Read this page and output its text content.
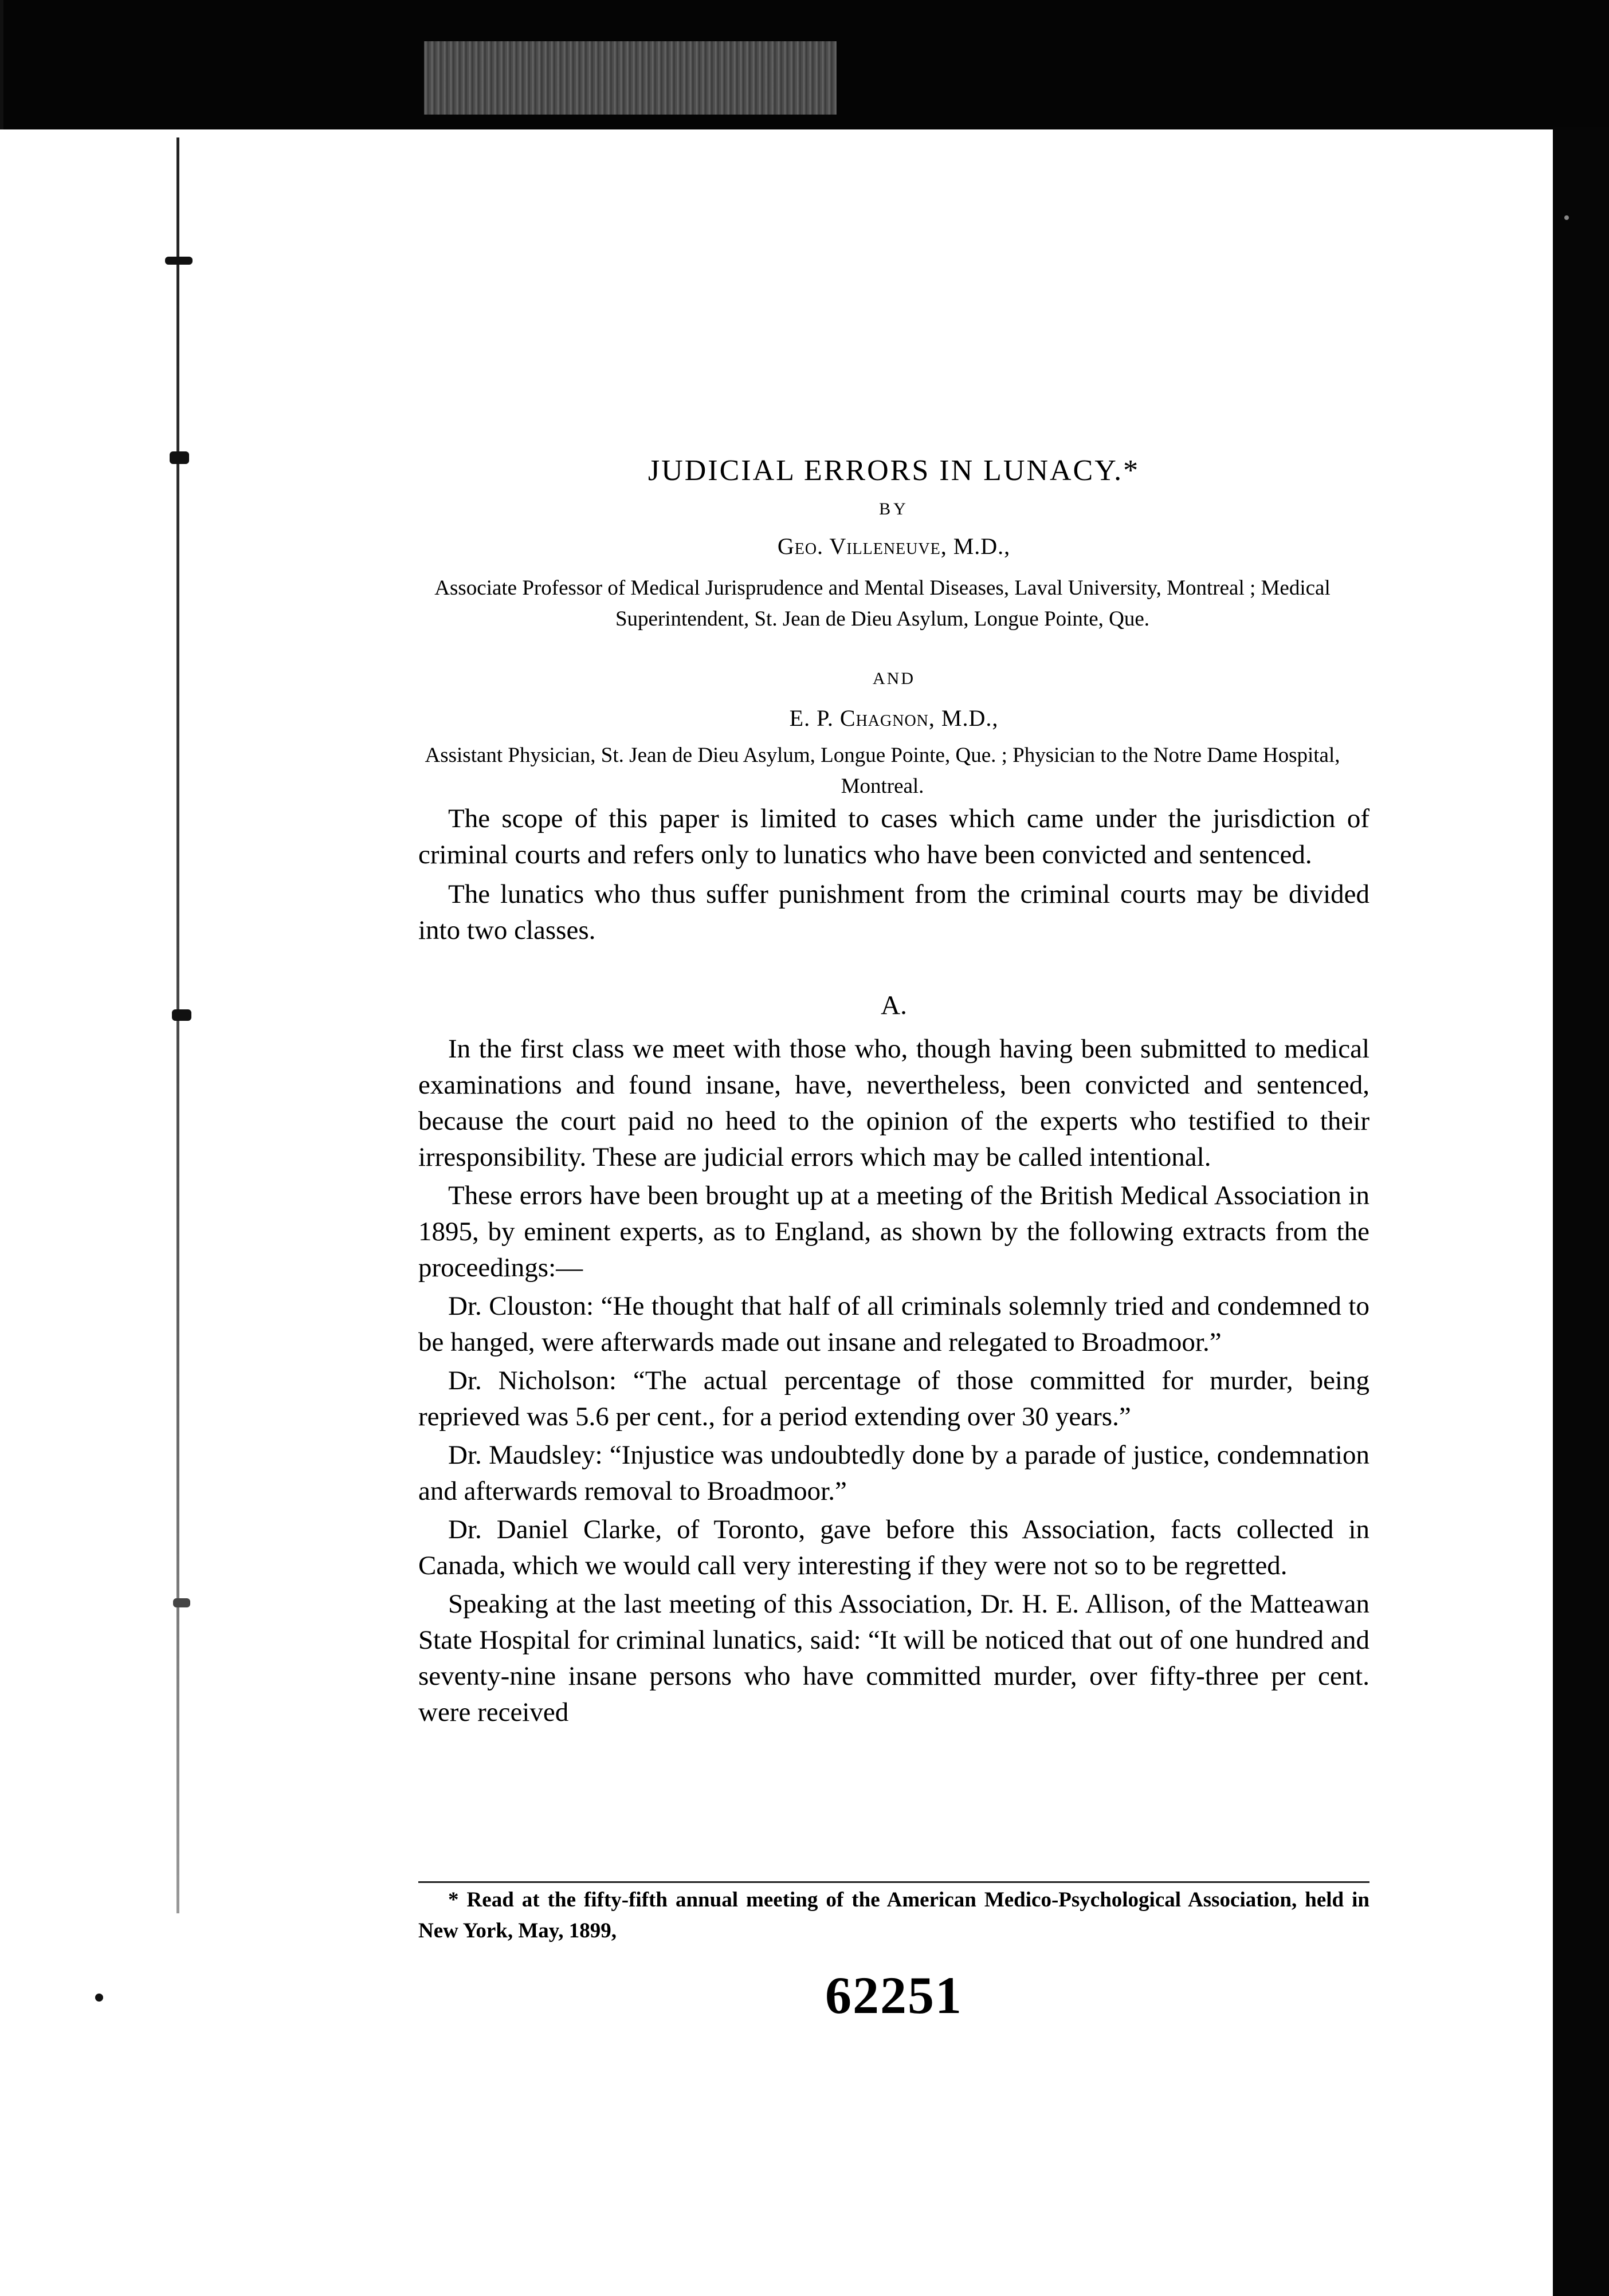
JUDICIAL ERRORS IN LUNACY.*
BY
Geo. Villeneuve, M.D.,
Associate Professor of Medical Jurisprudence and Mental Diseases, Laval University, Montreal ; Medical Superintendent, St. Jean de Dieu Asylum, Longue Pointe, Que.
AND
E. P. Chagnon, M.D.,
Assistant Physician, St. Jean de Dieu Asylum, Longue Pointe, Que. ; Physician to the Notre Dame Hospital, Montreal.

The scope of this paper is limited to cases which came under the jurisdiction of criminal courts and refers only to lunatics who have been convicted and sentenced.

The lunatics who thus suffer punishment from the criminal courts may be divided into two classes.

A.

In the first class we meet with those who, though having been submitted to medical examinations and found insane, have, nevertheless, been convicted and sentenced, because the court paid no heed to the opinion of the experts who testified to their irresponsibility. These are judicial errors which may be called intentional.

These errors have been brought up at a meeting of the British Medical Association in 1895, by eminent experts, as to England, as shown by the following extracts from the proceedings:—

Dr. Clouston: “He thought that half of all criminals solemnly tried and condemned to be hanged, were afterwards made out insane and relegated to Broadmoor.”

Dr. Nicholson: “The actual percentage of those committed for murder, being reprieved was 5.6 per cent., for a period extending over 30 years.”

Dr. Maudsley: “Injustice was undoubtedly done by a parade of justice, condemnation and afterwards removal to Broadmoor.”

Dr. Daniel Clarke, of Toronto, gave before this Association, facts collected in Canada, which we would call very interesting if they were not so to be regretted.

Speaking at the last meeting of this Association, Dr. H. E. Allison, of the Matteawan State Hospital for criminal lunatics, said: “It will be noticed that out of one hundred and seventy-nine insane persons who have committed murder, over fifty-three per cent. were received

* Read at the fifty-fifth annual meeting of the American Medico-Psychological Association, held in New York, May, 1899,

62251
